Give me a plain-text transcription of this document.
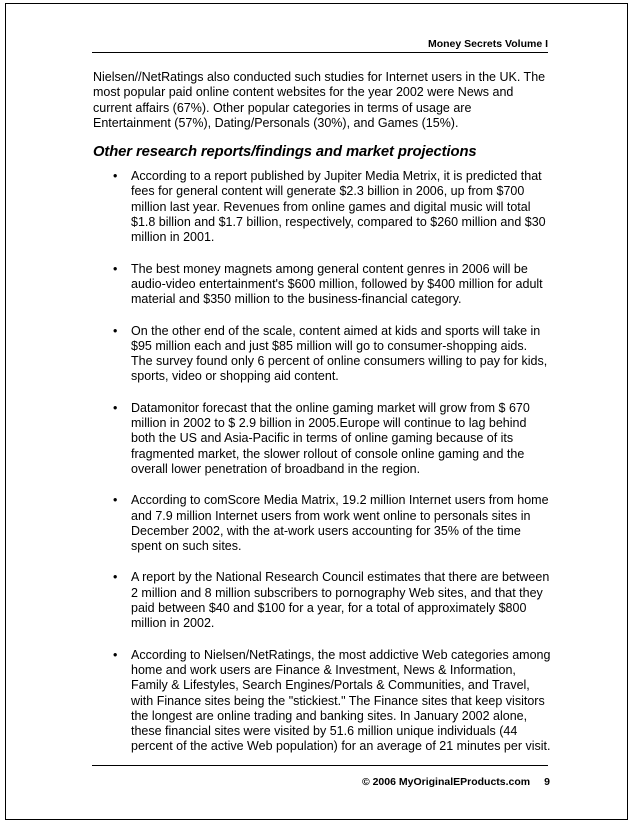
Money Secrets Volume I

Nielsen//NetRatings also conducted such studies for Internet users in the UK. The most popular paid online content websites for the year 2002 were News and current affairs (67%). Other popular categories in terms of usage are Entertainment (57%), Dating/Personals (30%), and Games (15%).

Other research reports/findings and market projections
• According to a report published by Jupiter Media Metrix, it is predicted that fees for general content will generate $2.3 billion in 2006, up from $700 million last year. Revenues from online games and digital music will total $1.8 billion and $1.7 billion, respectively, compared to $260 million and $30 million in 2001.
• The best money magnets among general content genres in 2006 will be audio-video entertainment's $600 million, followed by $400 million for adult material and $350 million to the business-financial category.
• On the other end of the scale, content aimed at kids and sports will take in $95 million each and just $85 million will go to consumer-shopping aids. The survey found only 6 percent of online consumers willing to pay for kids, sports, video or shopping aid content.
• Datamonitor forecast that the online gaming market will grow from $ 670 million in 2002 to $ 2.9 billion in 2005.Europe will continue to lag behind both the US and Asia-Pacific in terms of online gaming because of its fragmented market, the slower rollout of console online gaming and the overall lower penetration of broadband in the region.
• According to comScore Media Matrix, 19.2 million Internet users from home and 7.9 million Internet users from work went online to personals sites in December 2002, with the at-work users accounting for 35% of the time spent on such sites.
• A report by the National Research Council estimates that there are between 2 million and 8 million subscribers to pornography Web sites, and that they paid between $40 and $100 for a year, for a total of approximately $800 million in 2002.
• According to Nielsen/NetRatings, the most addictive Web categories among home and work users are Finance & Investment, News & Information, Family & Lifestyles, Search Engines/Portals & Communities, and Travel, with Finance sites being the "stickiest." The Finance sites that keep visitors the longest are online trading and banking sites. In January 2002 alone, these financial sites were visited by 51.6 million unique individuals (44 percent of the active Web population) for an average of 21 minutes per visit.
© 2006 MyOriginalEProducts.com 9
